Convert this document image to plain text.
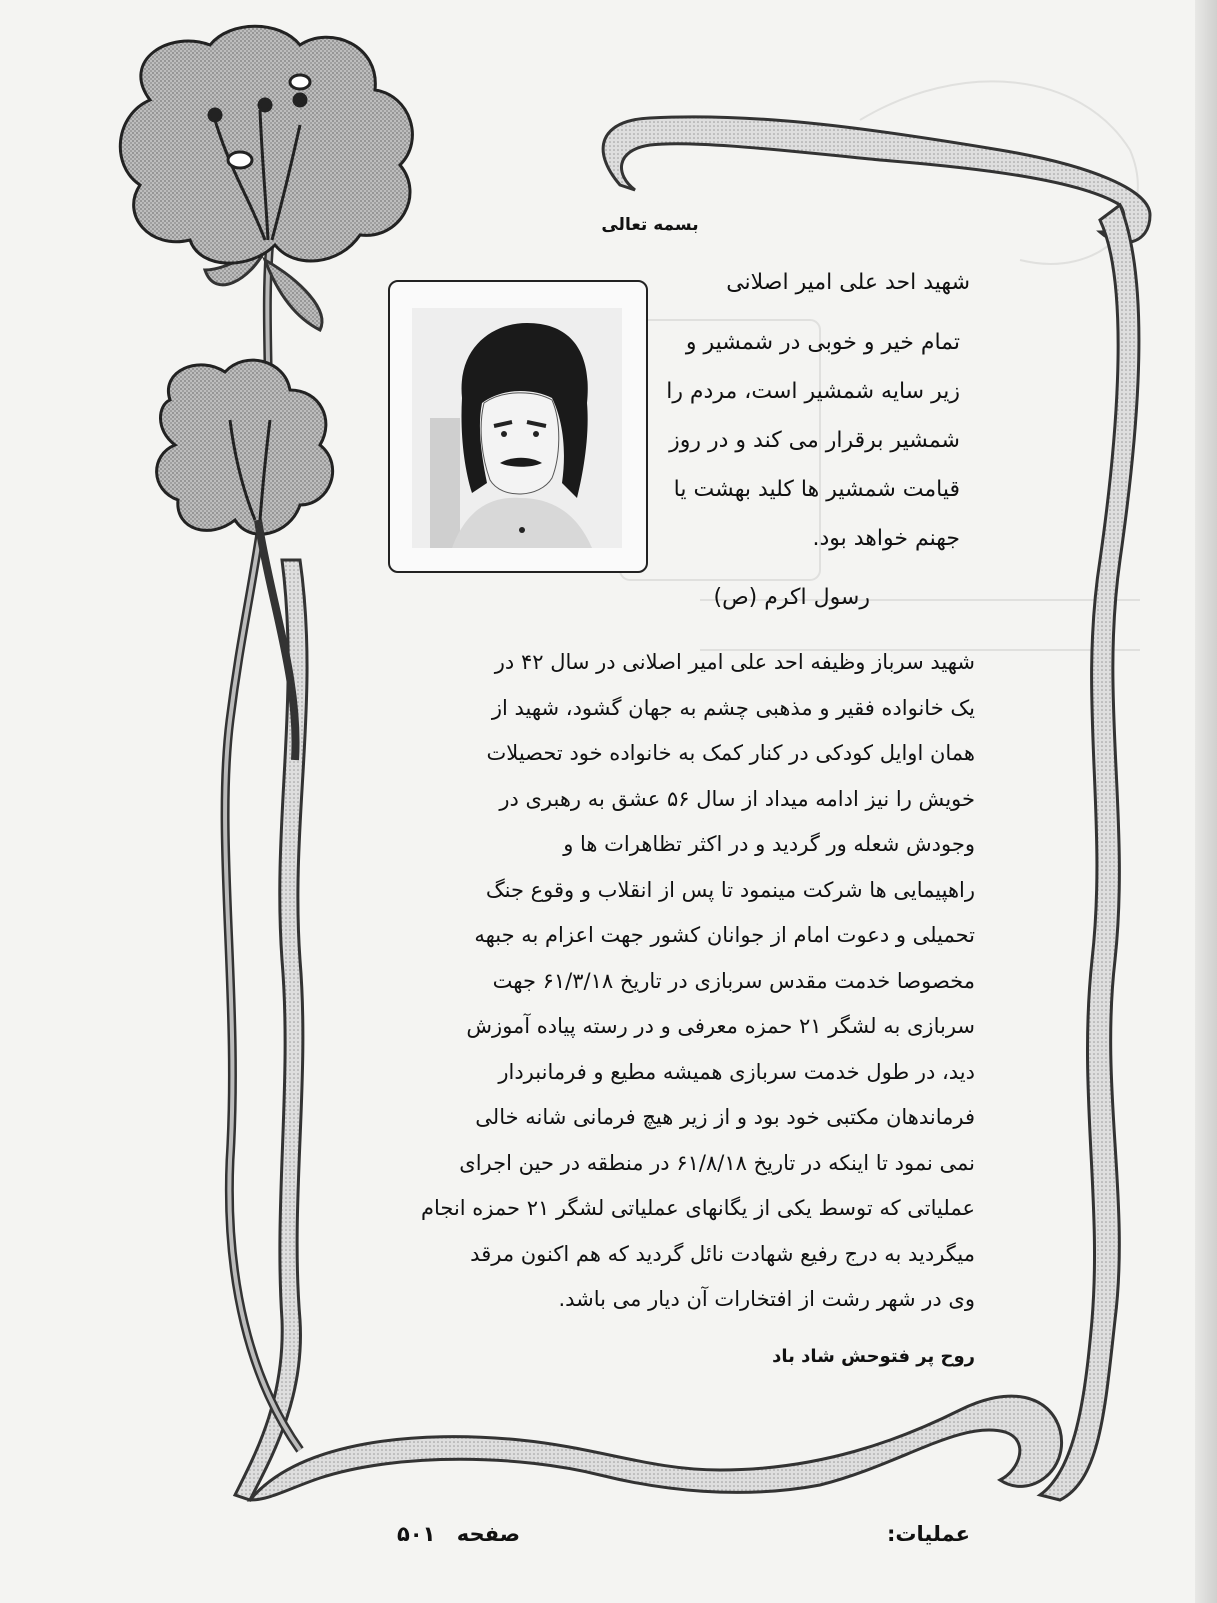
بسمه تعالی
شهید احد علی امیر اصلانی
تمام خیر و خوبی در شمشیر و
زیر سایه شمشیر است، مردم را
شمشیر برقرار می کند و در روز
قیامت شمشیر ها کلید بهشت یا
جهنم خواهد بود.
رسول اکرم (ص)

شهید سرباز وظیفه احد علی امیر اصلانی در سال ۴۲ در

یک خانواده فقیر و مذهبی چشم به جهان گشود، شهید از

همان اوایل کودکی در کنار کمک به خانواده خود تحصیلات

خویش را نیز ادامه میداد از سال ۵۶ عشق به رهبری در

وجودش شعله ور گردید و در اکثر تظاهرات ها و

راهپیمایی ها شرکت مینمود تا پس از انقلاب و وقوع جنگ

تحمیلی و دعوت امام از جوانان کشور جهت اعزام به جبهه

مخصوصا خدمت مقدس سربازی در تاریخ ۶۱/۳/۱۸ جهت

سربازی به لشگر ۲۱ حمزه معرفی و در رسته پیاده آموزش

دید، در طول خدمت سربازی همیشه مطیع و فرمانبردار

فرماندهان مکتبی خود بود و از زیر هیچ فرمانی شانه خالی

نمی نمود تا اینکه در تاریخ ۶۱/۸/۱۸ در منطقه در حین اجرای

عملیاتی که توسط یکی از یگانهای عملیاتی لشگر ۲۱ حمزه انجام

میگردید به درج رفیع شهادت نائل گردید که هم اکنون مرقد

وی در شهر رشت از افتخارات آن دیار می باشد.

روح پر فتوحش شاد باد
عملیات:
صفحه ۵۰۱
